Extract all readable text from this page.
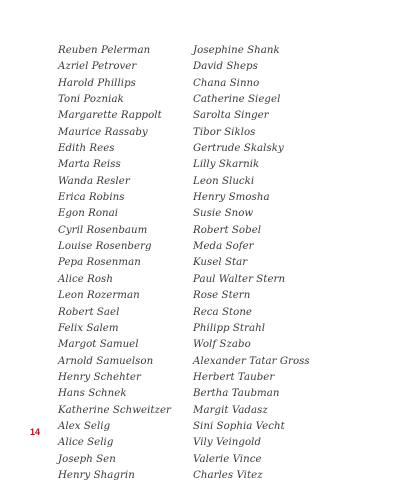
Reuben Pelerman
Azriel Petrover
Harold Phillips
Toni Pozniak
Margarette Rappolt
Maurice Rassaby
Edith Rees
Marta Reiss
Wanda Resler
Erica Robins
Egon Ronai
Cyril Rosenbaum
Louise Rosenberg
Pepa Rosenman
Alice Rosh
Leon Rozerman
Robert Sael
Felix Salem
Margot Samuel
Arnold Samuelson
Henry Schehter
Hans Schnek
Katherine Schweitzer
Alex Selig
Alice Selig
Joseph Sen
Henry Shagrin
Josephine Shank
David Sheps
Chana Sinno
Catherine Siegel
Sarolta Singer
Tibor Siklos
Gertrude Skalsky
Lilly Skarnik
Leon Slucki
Henry Smosha
Susie Snow
Robert Sobel
Meda Sofer
Kusel Star
Paul Walter Stern
Rose Stern
Reca Stone
Philipp Strahl
Wolf Szabo
Alexander Tatar Gross
Herbert Tauber
Bertha Taubman
Margit Vadasz
Sini Sophia Vecht
Vily Veingold
Valerie Vince
Charles Vitez
14
